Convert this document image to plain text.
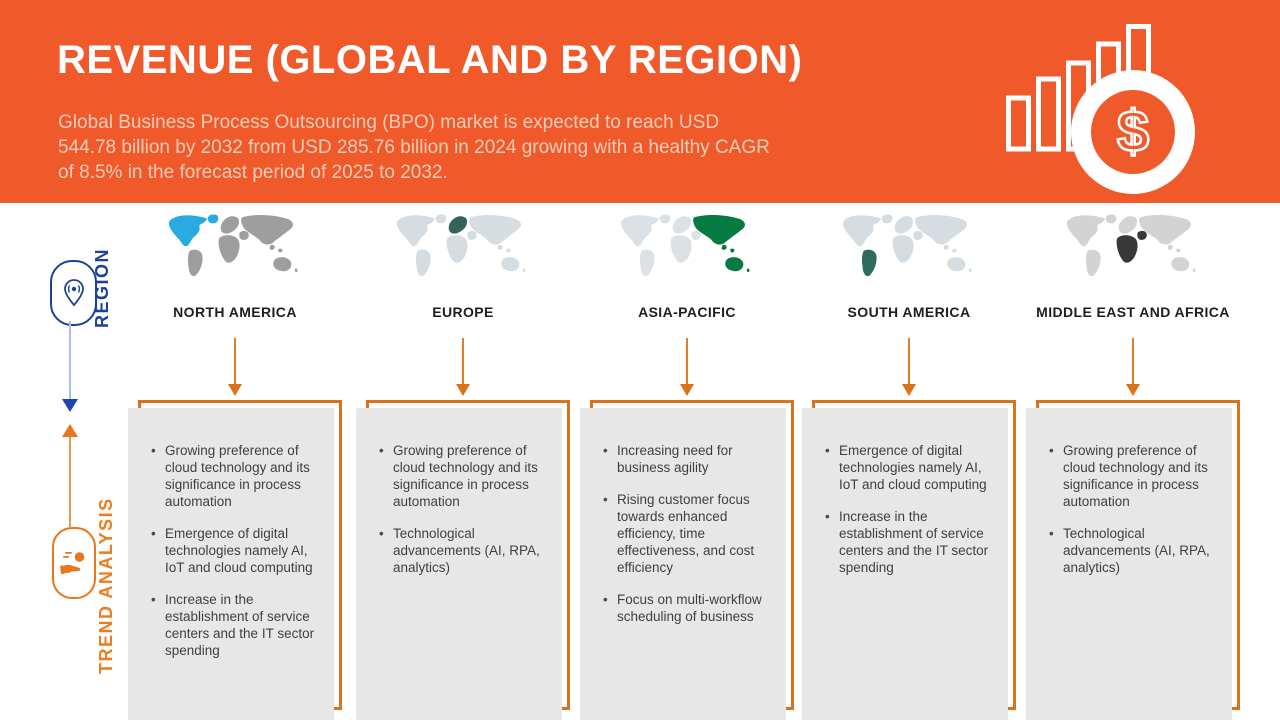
REVENUE (GLOBAL AND BY REGION)
Global Business Process Outsourcing (BPO) market is expected to reach USD
544.78 billion by 2032 from USD 285.76 billion in 2024 growing with a healthy CAGR
of 8.5% in the forecast period of 2025 to 2032.
$
REGION
TREND ANALYSIS
NORTH AMERICA
• Growing preference of cloud technology and its significance in process automation
• Emergence of digital technologies namely AI, IoT and cloud computing
• Increase in the establishment of service centers and the IT sector spending
EUROPE
• Growing preference of cloud technology and its significance in process automation
• Technological advancements (AI, RPA, analytics)
ASIA-PACIFIC
• Increasing need for business agility
• Rising customer focus towards enhanced efficiency, time effectiveness, and cost efficiency
• Focus on multi-workflow scheduling of business
SOUTH AMERICA
• Emergence of digital technologies namely AI, IoT and cloud computing
• Increase in the establishment of service centers and the IT sector spending
MIDDLE EAST AND AFRICA
• Growing preference of cloud technology and its significance in process automation
• Technological advancements (AI, RPA, analytics)
